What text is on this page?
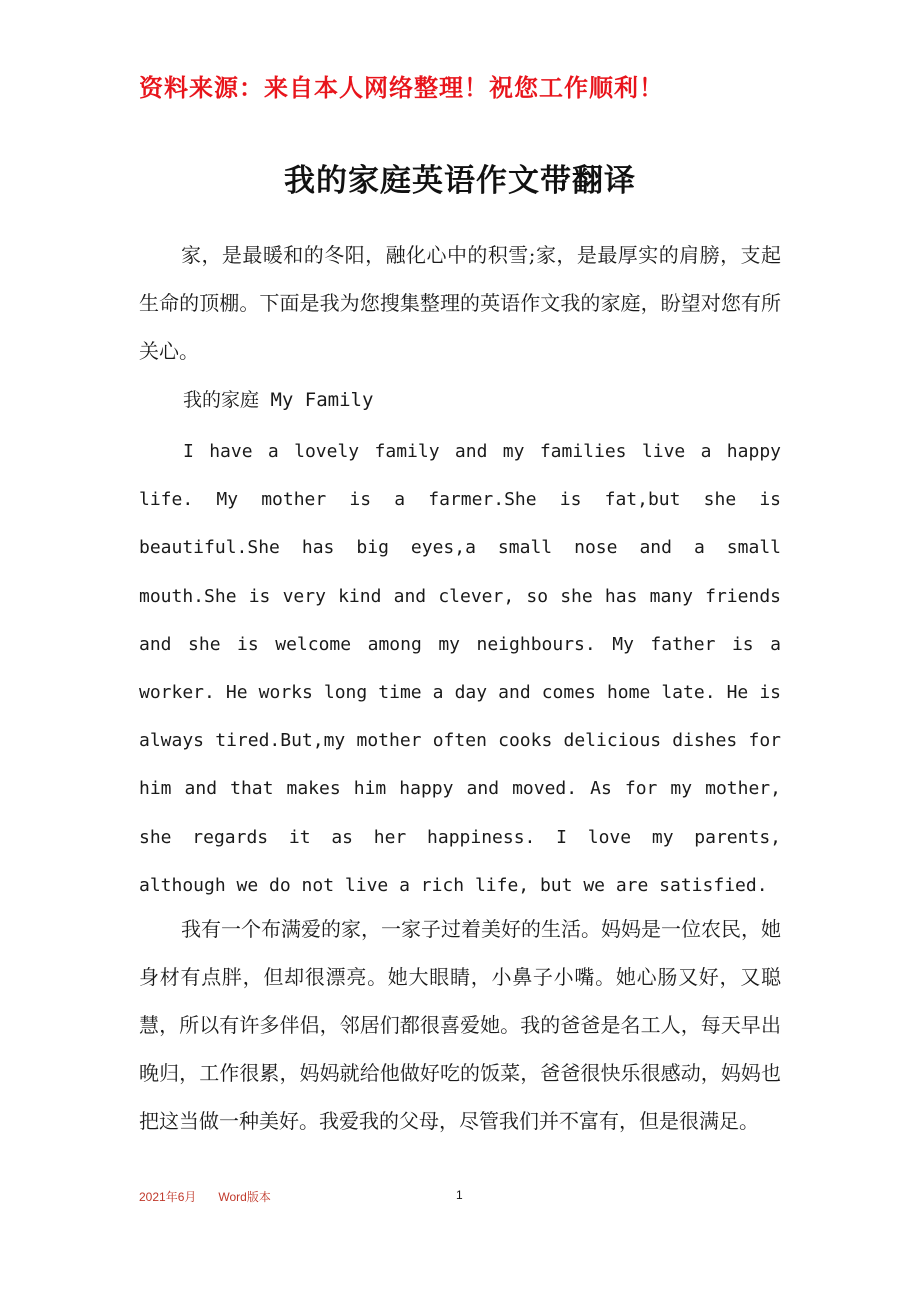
资料来源：来自本人网络整理！祝您工作顺利！
我的家庭英语作文带翻译

家，是最暖和的冬阳，融化心中的积雪;家，是最厚实的肩膀，支起生命的顶棚。下面是我为您搜集整理的英语作文我的家庭，盼望对您有所关心。

我的家庭 My Family

I have a lovely family and my families live a happy life. My mother is a farmer.She is fat,but she is beautiful.She has big eyes,a small nose and a small mouth.She is very kind and clever, so she has many friends and she is welcome among my neighbours. My father is a worker. He works long time a day and comes home late. He is always tired.But,my mother often cooks delicious dishes for him and that makes him happy and moved. As for my mother, she regards it as her happiness. I love my parents, although we do not live a rich life, but we are satisfied.

我有一个布满爱的家，一家子过着美好的生活。妈妈是一位农民，她身材有点胖，但却很漂亮。她大眼睛，小鼻子小嘴。她心肠又好，又聪慧，所以有许多伴侣，邻居们都很喜爱她。我的爸爸是名工人，每天早出晚归，工作很累，妈妈就给他做好吃的饭菜，爸爸很快乐很感动，妈妈也把这当做一种美好。我爱我的父母，尽管我们并不富有，但是很满足。

2021年6月 Word版本	1
